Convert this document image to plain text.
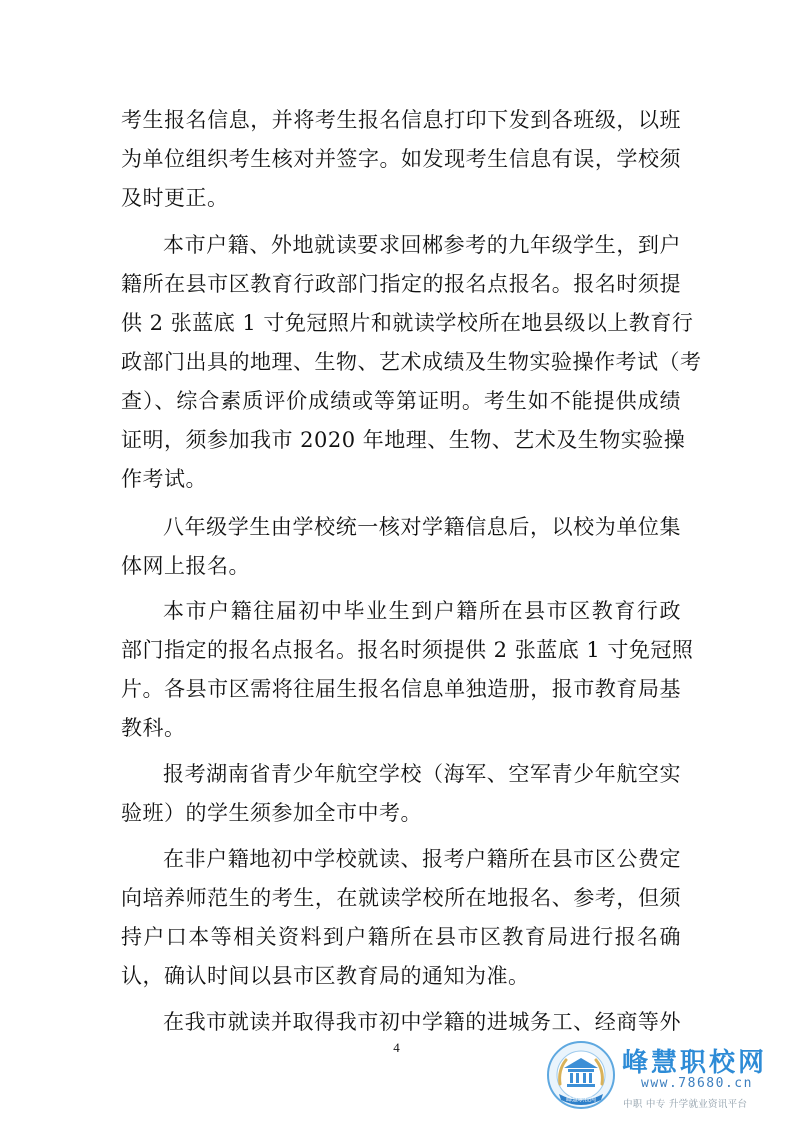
考生报名信息，并将考生报名信息打印下发到各班级，以班
为单位组织考生核对并签字。如发现考生信息有误，学校须
及时更正。
本市户籍、外地就读要求回郴参考的九年级学生，到户
籍所在县市区教育行政部门指定的报名点报名。报名时须提
供 2 张蓝底 1 寸免冠照片和就读学校所在地县级以上教育行
政部门出具的地理、生物、艺术成绩及生物实验操作考试（考
查）、综合素质评价成绩或等第证明。考生如不能提供成绩
证明，须参加我市 2020 年地理、生物、艺术及生物实验操
作考试。
八年级学生由学校统一核对学籍信息后，以校为单位集
体网上报名。
本市户籍往届初中毕业生到户籍所在县市区教育行政
部门指定的报名点报名。报名时须提供 2 张蓝底 1 寸免冠照
片。各县市区需将往届生报名信息单独造册，报市教育局基
教科。
报考湖南省青少年航空学校（海军、空军青少年航空实
验班）的学生须参加全市中考。
在非户籍地初中学校就读、报考户籍所在县市区公费定
向培养师范生的考生，在就读学校所在地报名、参考，但须
持户口本等相关资料到户籍所在县市区教育局进行报名确
认，确认时间以县市区教育局的通知为准。
在我市就读并取得我市初中学籍的进城务工、经商等外
4
峰慧职校网
峰慧职校网
www.78680.cn
中职 中专 升学就业资讯平台
